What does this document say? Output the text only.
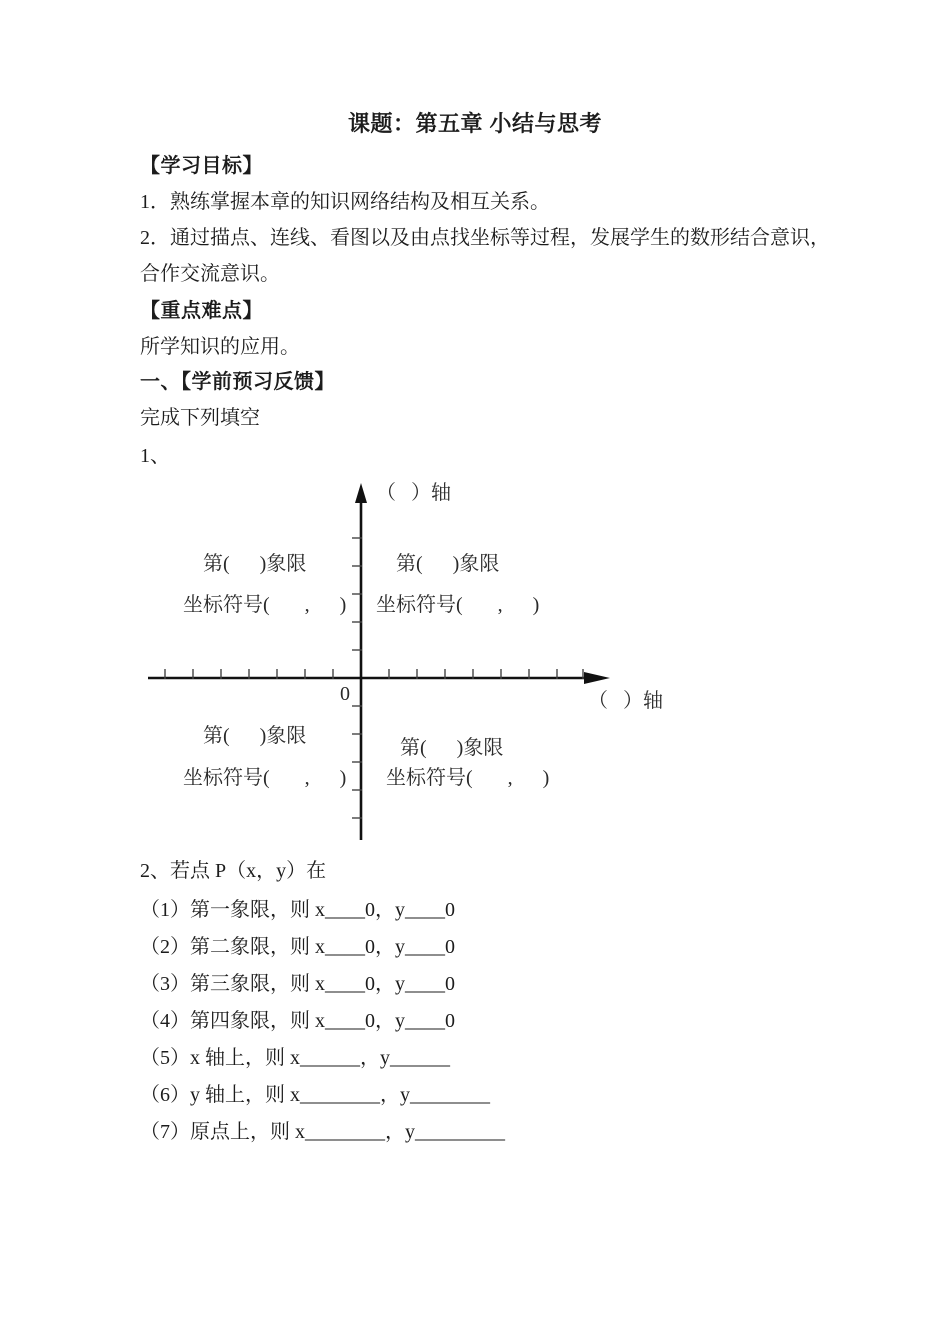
课题：第五章 小结与思考
【学习目标】
1．熟练掌握本章的知识网络结构及相互关系。
2．通过描点、连线、看图以及由点找坐标等过程，发展学生的数形结合意识，
合作交流意识。
【重点难点】
所学知识的应用。
一、【学前预习反馈】
完成下列填空
1、
（   ）轴
（   ）轴
0
第(      )象限	第(      )象限
坐标符号(       ,      ) 坐标符号(       ,      )
第(      )象限
第(      )象限
坐标符号(       ,      ) 坐标符号(       ,      )
2、若点 P（x，y）在
（1）第一象限，则 x____0，y____0
（2）第二象限，则 x____0，y____0
（3）第三象限，则 x____0，y____0
（4）第四象限，则 x____0，y____0
（5）x 轴上，则 x______，y______
（6）y 轴上，则 x________，y________
（7）原点上，则 x________，y_________
